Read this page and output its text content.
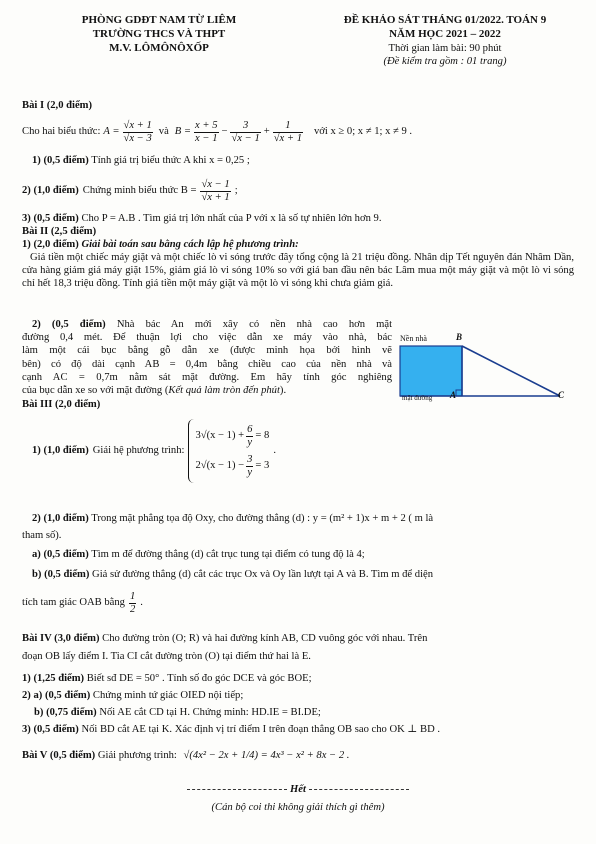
PHÒNG GDĐT NAM TỪ LIÊM
TRƯỜNG THCS VÀ THPT
M.V. LÔMÔNÔXỐP
ĐỀ KHẢO SÁT THÁNG 01/2022. TOÁN 9
NĂM HỌC 2021 – 2022
Thời gian làm bài: 90 phút
(Đề kiểm tra gồm : 01 trang)
Bài I (2,0 điểm)
Cho hai biểu thức: $A = \frac{√x + 1}{√x - 3}$ và $B = \frac{x + 5}{x - 1} - \frac{3}{√x - 1} + \frac{1}{√x + 1}$ với x ≥ 0; x ≠ 1; x ≠ 9 .
1) (0,5 điểm) Tính giá trị biểu thức A khi x = 0,25 ;
2) (1,0 điểm) Chứng minh biểu thức $B = \frac{√x - 1}{√x + 1}$ ;
3) (0,5 điểm) Cho P = A.B . Tìm giá trị lớn nhất của P với x là số tự nhiên lớn hơn 9.
Bài II (2,5 điểm)
1) (2,0 điểm) Giải bài toán sau bằng cách lập hệ phương trình:
Giá tiền một chiếc máy giặt và một chiếc lò vi sóng trước đây tổng cộng là 21 triệu đồng. Nhân dịp Tết nguyên đán Nhâm Dần, cửa hàng giảm giá máy giặt 15%, giảm giá lò vi sóng 10% so với giá ban đầu nên bác Lâm mua một máy giặt và một lò vi sóng chỉ hết 18,3 triệu đồng. Tính giá tiền một máy giặt và một lò vi sóng khi chưa giảm giá.
2) (0,5 điểm) Nhà bác An mới xây có nền nhà cao hơn mặt
đường 0,4 mét. Để thuận lợi cho việc dẫn xe máy vào nhà, bác
làm một cái bục bằng gỗ dẫn xe (được minh họa bởi hình vẽ
bên) có độ dài cạnh AB = 0,4m bằng chiều cao của nền nhà và
cạnh AC = 0,7m nằm sát mặt đường. Em hãy tính góc nghiêng
của bục dẫn xe so với mặt đường (Kết quả làm tròn đến phút).
Nền nhà	B
mặt đường A	C
Bài III (2,0 điểm)
1) (1,0 điểm) Giải hệ phương trình:
$3√(x - 1) + \frac{6}{y} = 8$
$2√(x - 1) - \frac{3}{y} = 3$
.
2) (1,0 điểm) Trong mặt phẳng tọa độ Oxy, cho đường thẳng (d) : y = (m² + 1)x + m + 2 ( m là
tham số).
a) (0,5 điểm) Tìm m để đường thẳng (d) cắt trục tung tại điểm có tung độ là 4;
b) (0,5 điểm) Giả sử đường thẳng (d) cắt các trục Ox và Oy lần lượt tại A và B. Tìm m để diện
tích tam giác OAB bằng $\frac{1}{2}$ .
Bài IV (3,0 điểm) Cho đường tròn (O; R) và hai đường kính AB, CD vuông góc với nhau. Trên
đoạn OB lấy điểm I. Tia CI cắt đường tròn (O) tại điểm thứ hai là E.
1) (1,25 điểm) Biết sđ DE = 50° . Tính số đo góc DCE và góc BOE;
2) a) (0,5 điểm) Chứng minh tứ giác OIED nội tiếp;
b) (0,75 điểm) Nối AE cắt CD tại H. Chứng minh: HD.IE = BI.DE;
3) (0,5 điểm) Nối BD cắt AE tại K. Xác định vị trí điểm I trên đoạn thẳng OB sao cho OK ⊥ BD .
Bài V (0,5 điểm) Giải phương trình: √(4x² − 2x + 1/4) = 4x³ − x² + 8x − 2 .
Hết
(Cán bộ coi thi không giải thích gì thêm)
